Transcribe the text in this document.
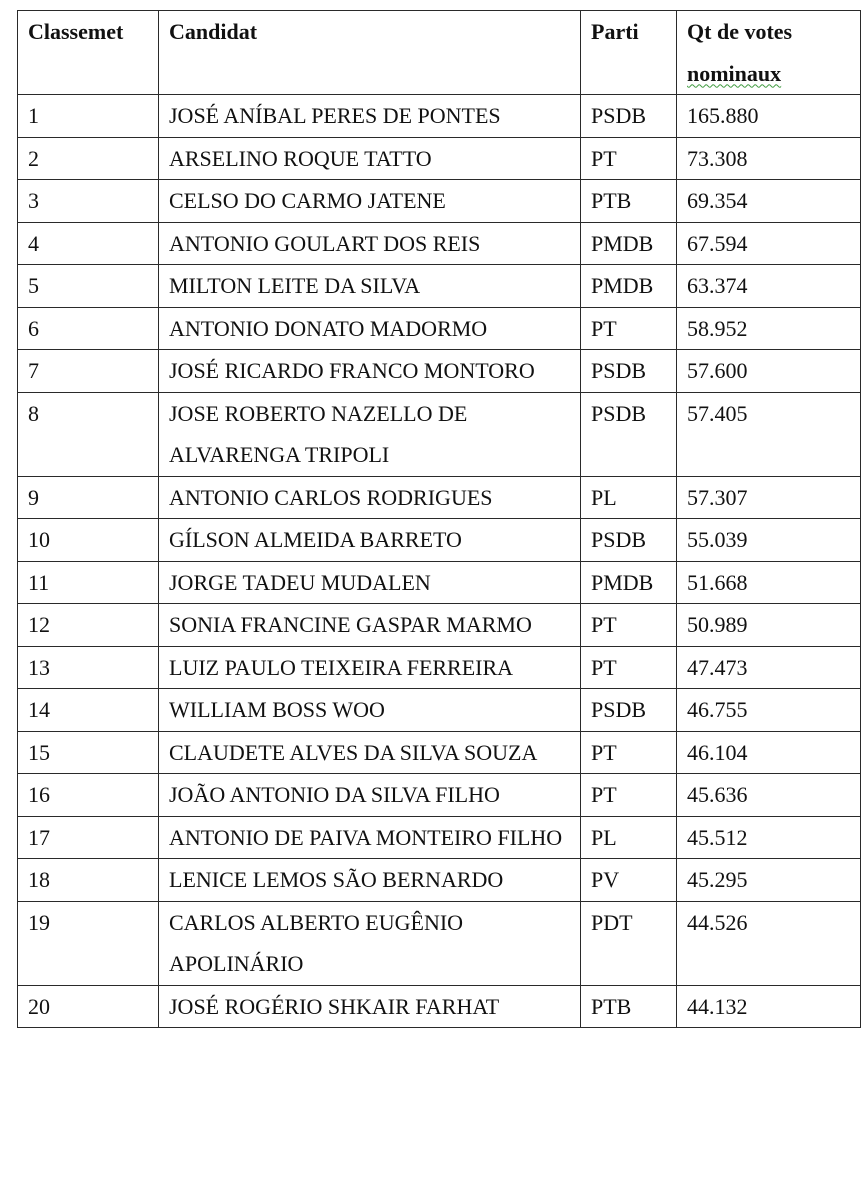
Classemet	Candidat	Parti	Qt de votes nominaux
1	JOSÉ ANÍBAL PERES DE PONTES	PSDB	165.880
2	ARSELINO ROQUE TATTO	PT	73.308
3	CELSO DO CARMO JATENE	PTB	69.354
4	ANTONIO GOULART DOS REIS	PMDB	67.594
5	MILTON LEITE DA SILVA	PMDB	63.374
6	ANTONIO DONATO MADORMO	PT	58.952
7	JOSÉ RICARDO FRANCO MONTORO	PSDB	57.600
8	JOSE ROBERTO NAZELLO DE ALVARENGA TRIPOLI	PSDB	57.405
9	ANTONIO CARLOS RODRIGUES	PL	57.307
10	GÍLSON ALMEIDA BARRETO	PSDB	55.039
11	JORGE TADEU MUDALEN	PMDB	51.668
12	SONIA FRANCINE GASPAR MARMO	PT	50.989
13	LUIZ PAULO TEIXEIRA FERREIRA	PT	47.473
14	WILLIAM BOSS WOO	PSDB	46.755
15	CLAUDETE ALVES DA SILVA SOUZA	PT	46.104
16	JOÃO ANTONIO DA SILVA FILHO	PT	45.636
17	ANTONIO DE PAIVA MONTEIRO FILHO	PL	45.512
18	LENICE LEMOS SÃO BERNARDO	PV	45.295
19	CARLOS ALBERTO EUGÊNIO APOLINÁRIO	PDT	44.526
20	JOSÉ ROGÉRIO SHKAIR FARHAT	PTB	44.132
